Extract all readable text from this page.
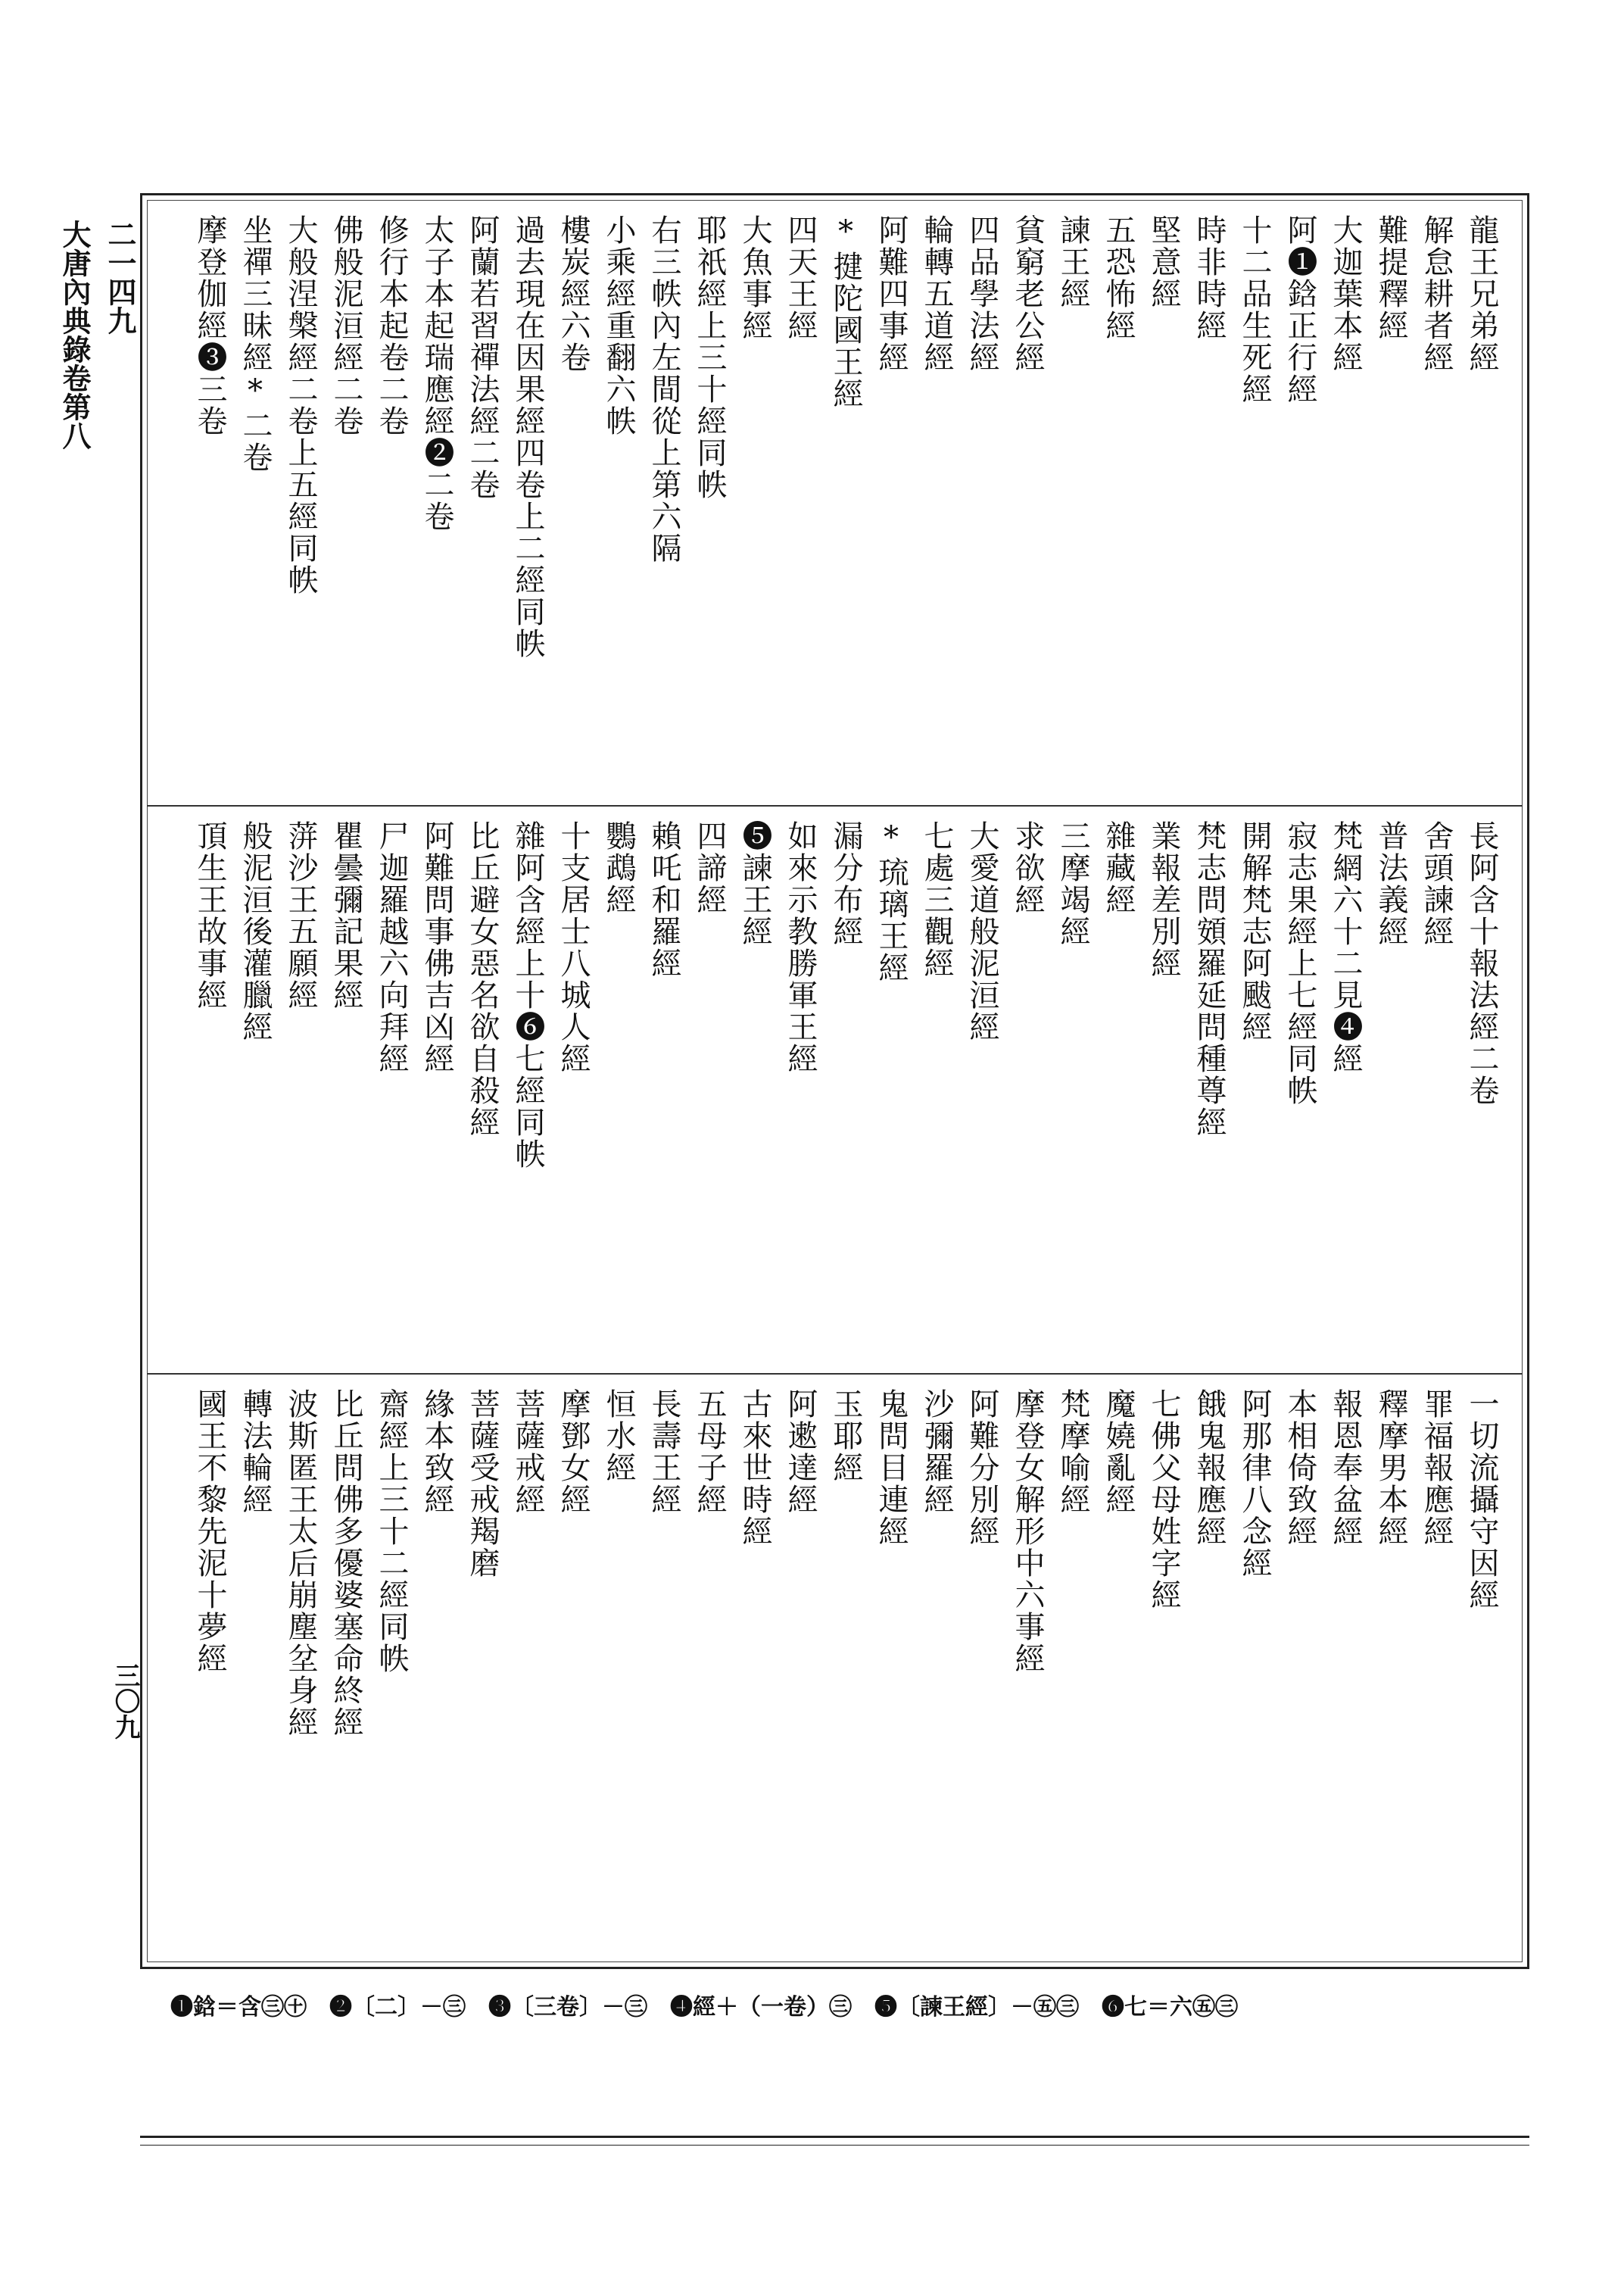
二一四九
大唐內典錄卷第八
三〇九
龍王兄弟經
解怠耕者經
難提釋經
大迦葉本經
阿❶鋡正行經
十二品生死經
時非時經
堅意經
五恐怖經
諫王經
貧窮老公經
四品學法經
輪轉五道經
阿難四事經
*揵陀國王經
四天王經
大魚事經
耶祇經上三十經同帙
右三帙內左間從上第六隔
小乘經重翻六帙
樓炭經六卷
過去現在因果經四卷上二經同帙
阿蘭若習禪法經二卷
太子本起瑞應經❷二卷
修行本起卷二卷
佛般泥洹經二卷
大般涅槃經二卷上五經同帙
坐禪三昧經*二卷
摩登伽經❸三卷
長阿含十報法經二卷
舍頭諫經
普法義經
梵網六十二見❹經
寂志果經上七經同帙
開解梵志阿颰經
梵志問頞羅延問種尊經
業報差別經
雜藏經
三摩竭經
求欲經
大愛道般泥洹經
七處三觀經
*琉璃王經
漏分布經
如來示教勝軍王經
❺諫王經
四諦經
賴吒和羅經
鸚鵡經
十支居士八城人經
雜阿含經上十❻七經同帙
比丘避女惡名欲自殺經
阿難問事佛吉凶經
尸迦羅越六向拜經
瞿曇彌記果經
蓱沙王五願經
般泥洹後灌臘經
頂生王故事經
一切流攝守因經
罪福報應經
釋摩男本經
報恩奉盆經
本相倚致經
阿那律八念經
餓鬼報應經
七佛父母姓字經
魔嬈亂經
梵摩喻經
摩登女解形中六事經
阿難分別經
沙彌羅經
鬼問目連經
玉耶經
阿遬達經
古來世時經
五母子經
長壽王經
恒水經
摩鄧女經
菩薩戒經
菩薩受戒羯磨
緣本致經
齋經上三十二經同帙
比丘問佛多優婆塞命終經
波斯匿王太后崩塵坌身經
轉法輪經
國王不黎先泥十夢經
❶鋡＝含㊂㊉　❷〔二〕－㊂　❸〔三卷〕－㊂　❹經＋（一卷）㊂　❺〔諫王經〕－㊄㊂　❻七＝六㊄㊂
